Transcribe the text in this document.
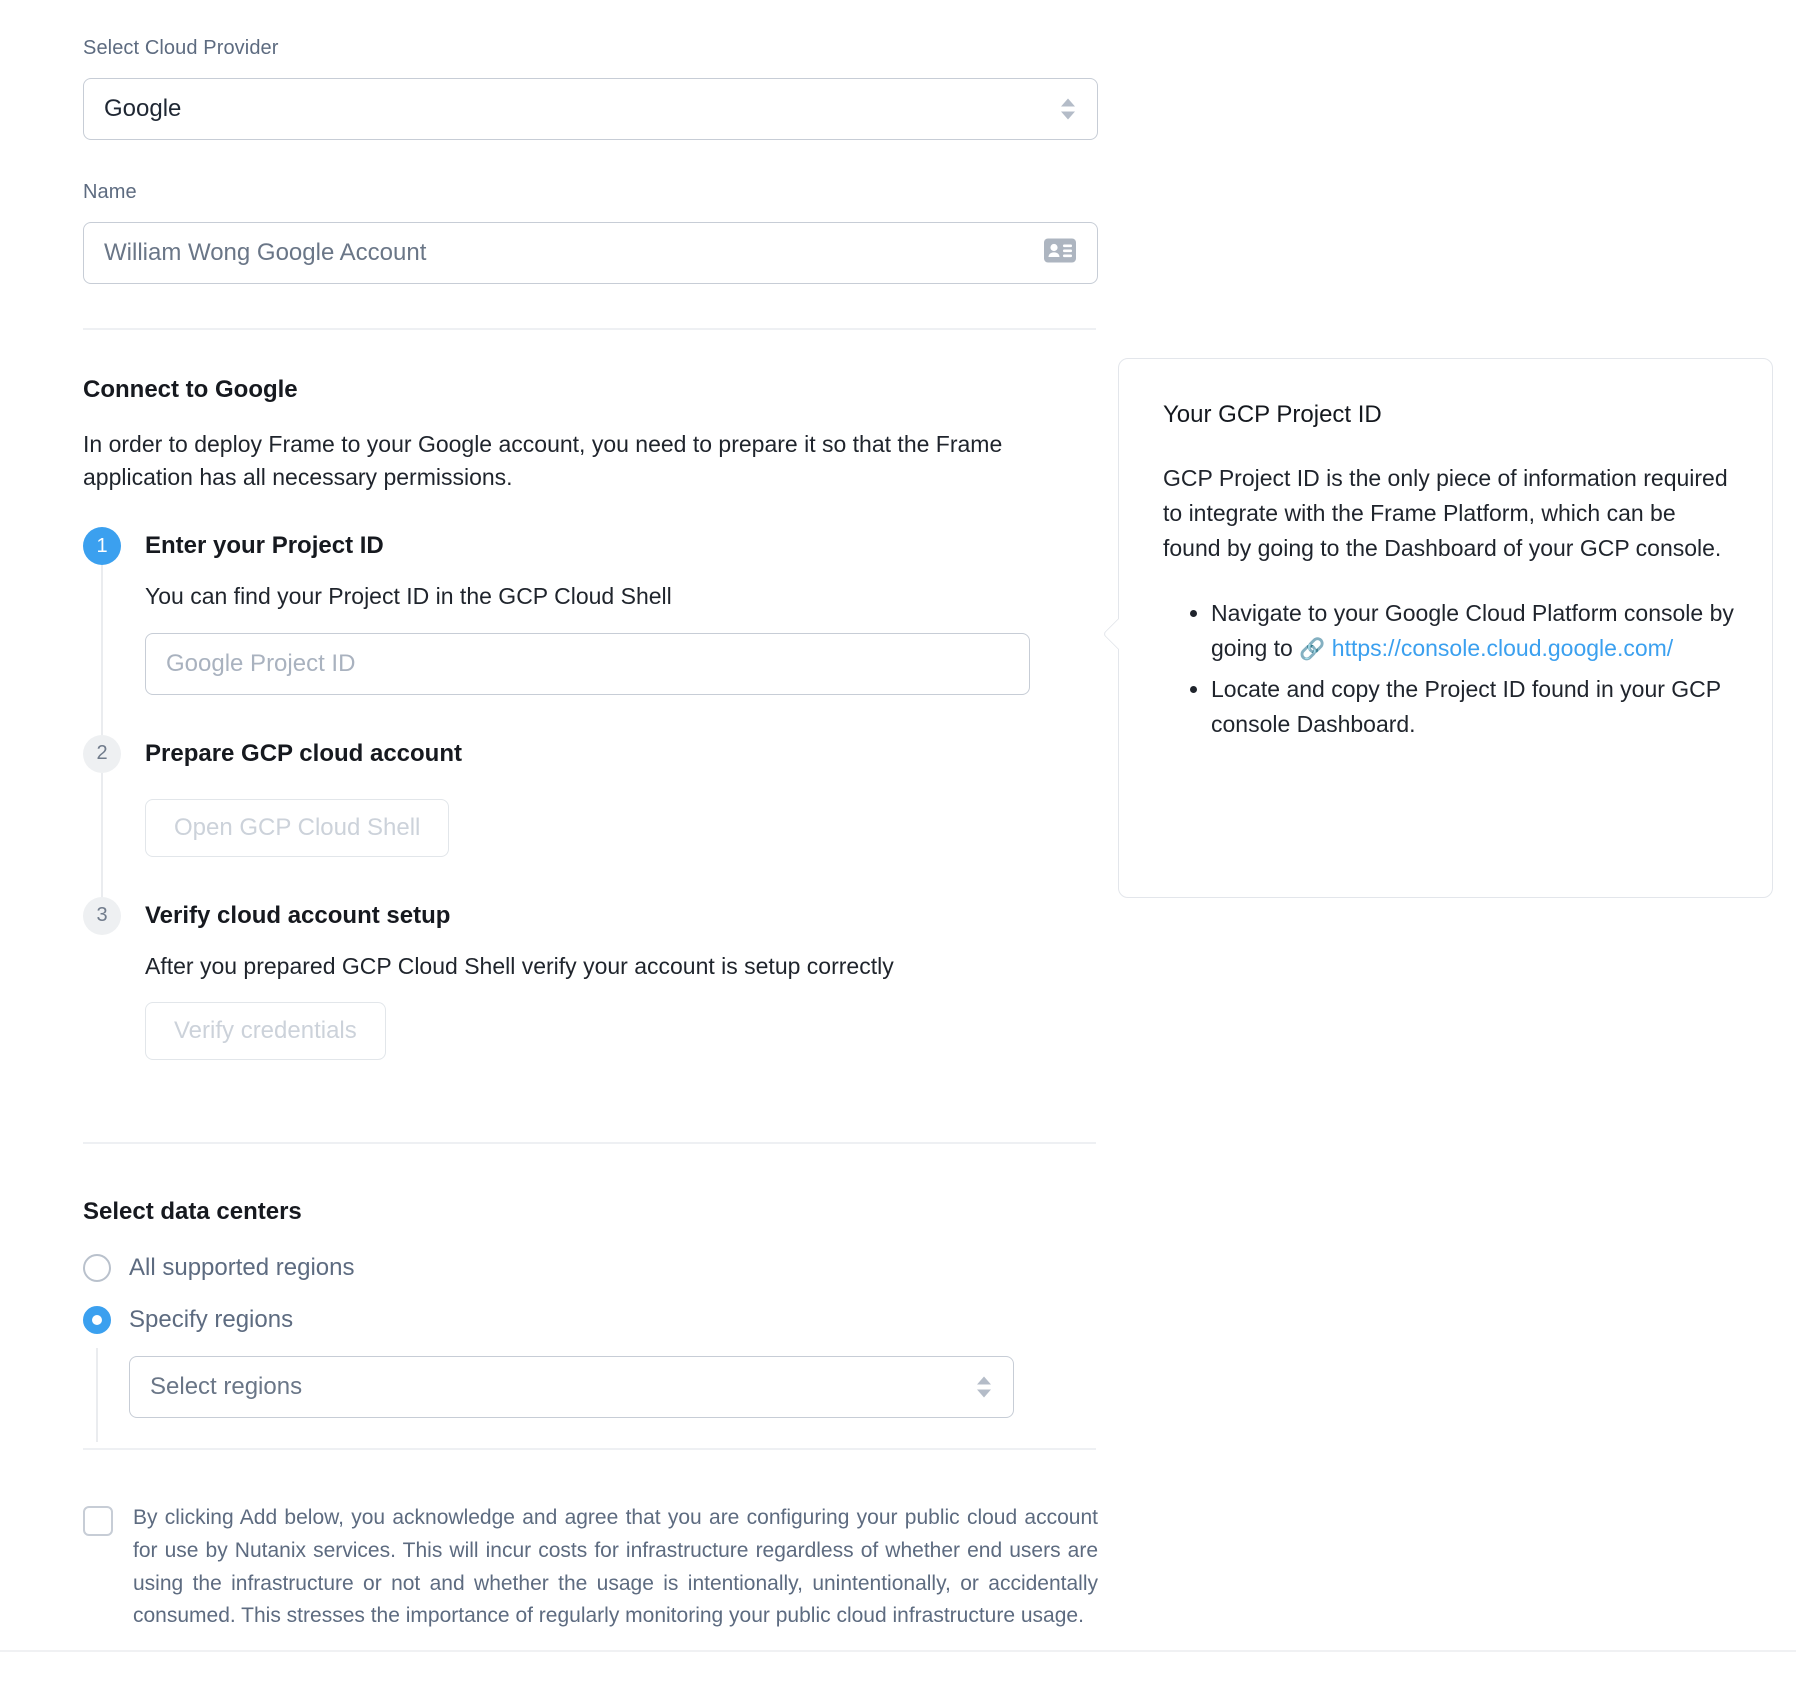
Select Cloud Provider
Google
Name
William Wong Google Account
Connect to Google
In order to deploy Frame to your Google account, you need to prepare it so that the Frame application has all necessary permissions.
1	Enter your Project ID
You can find your Project ID in the GCP Cloud Shell
Google Project ID
2	Prepare GCP cloud account
Open GCP Cloud Shell
3	Verify cloud account setup
After you prepared GCP Cloud Shell verify your account is setup correctly
Verify credentials
Your GCP Project ID

GCP Project ID is the only piece of information required to integrate with the Frame Platform, which can be found by going to the Dashboard of your GCP console.

• Navigate to your Google Cloud Platform console by going to 🔗 https://console.cloud.google.com/
• Locate and copy the Project ID found in your GCP console Dashboard.
Select data centers
All supported regions
Specify regions
Select regions
By clicking Add below, you acknowledge and agree that you are configuring your public cloud account for use by Nutanix services. This will incur costs for infrastructure regardless of whether end users are using the infrastructure or not and whether the usage is intentionally, unintentionally, or accidentally consumed. This stresses the importance of regularly monitoring your public cloud infrastructure usage.
